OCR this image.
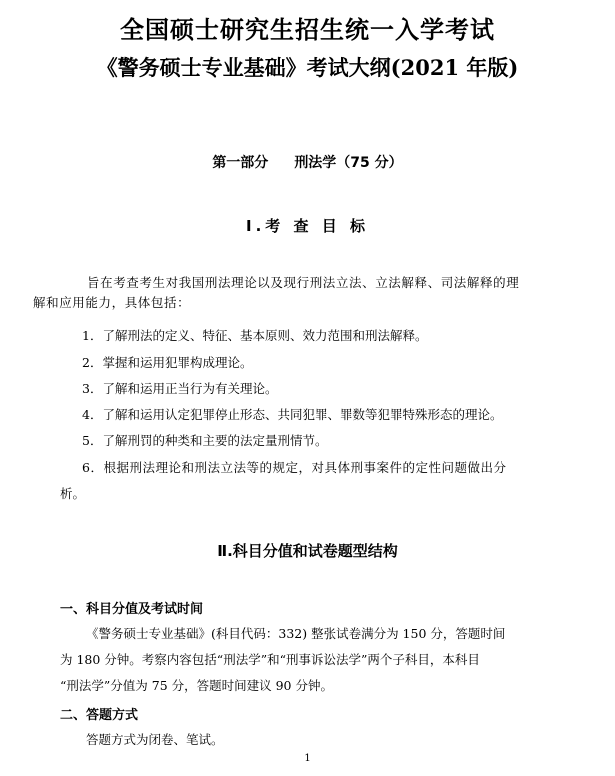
全国硕士研究生招生统一入学考试
《警务硕士专业基础》考试大纲(2021 年版)
第一部分 刑法学（75 分）
Ⅰ.考 查 目 标
旨在考查考生对我国刑法理论以及现行刑法立法、立法解释、司法解释的理
解和应用能力，具体包括：
1．了解刑法的定义、特征、基本原则、效力范围和刑法解释。
2．掌握和运用犯罪构成理论。
3．了解和运用正当行为有关理论。
4．了解和运用认定犯罪停止形态、共同犯罪、罪数等犯罪特殊形态的理论。
5．了解刑罚的种类和主要的法定量刑情节。
6．根据刑法理论和刑法立法等的规定，对具体刑事案件的定性问题做出分
析。
Ⅱ.科目分值和试卷题型结构
一、科目分值及考试时间
《警务硕士专业基础》(科目代码：332) 整张试卷满分为 150 分，答题时间
为 180 分钟。考察内容包括“刑法学”和“刑事诉讼法学”两个子科目，本科目
“刑法学”分值为 75 分，答题时间建议 90 分钟。
二、答题方式
答题方式为闭卷、笔试。
1
